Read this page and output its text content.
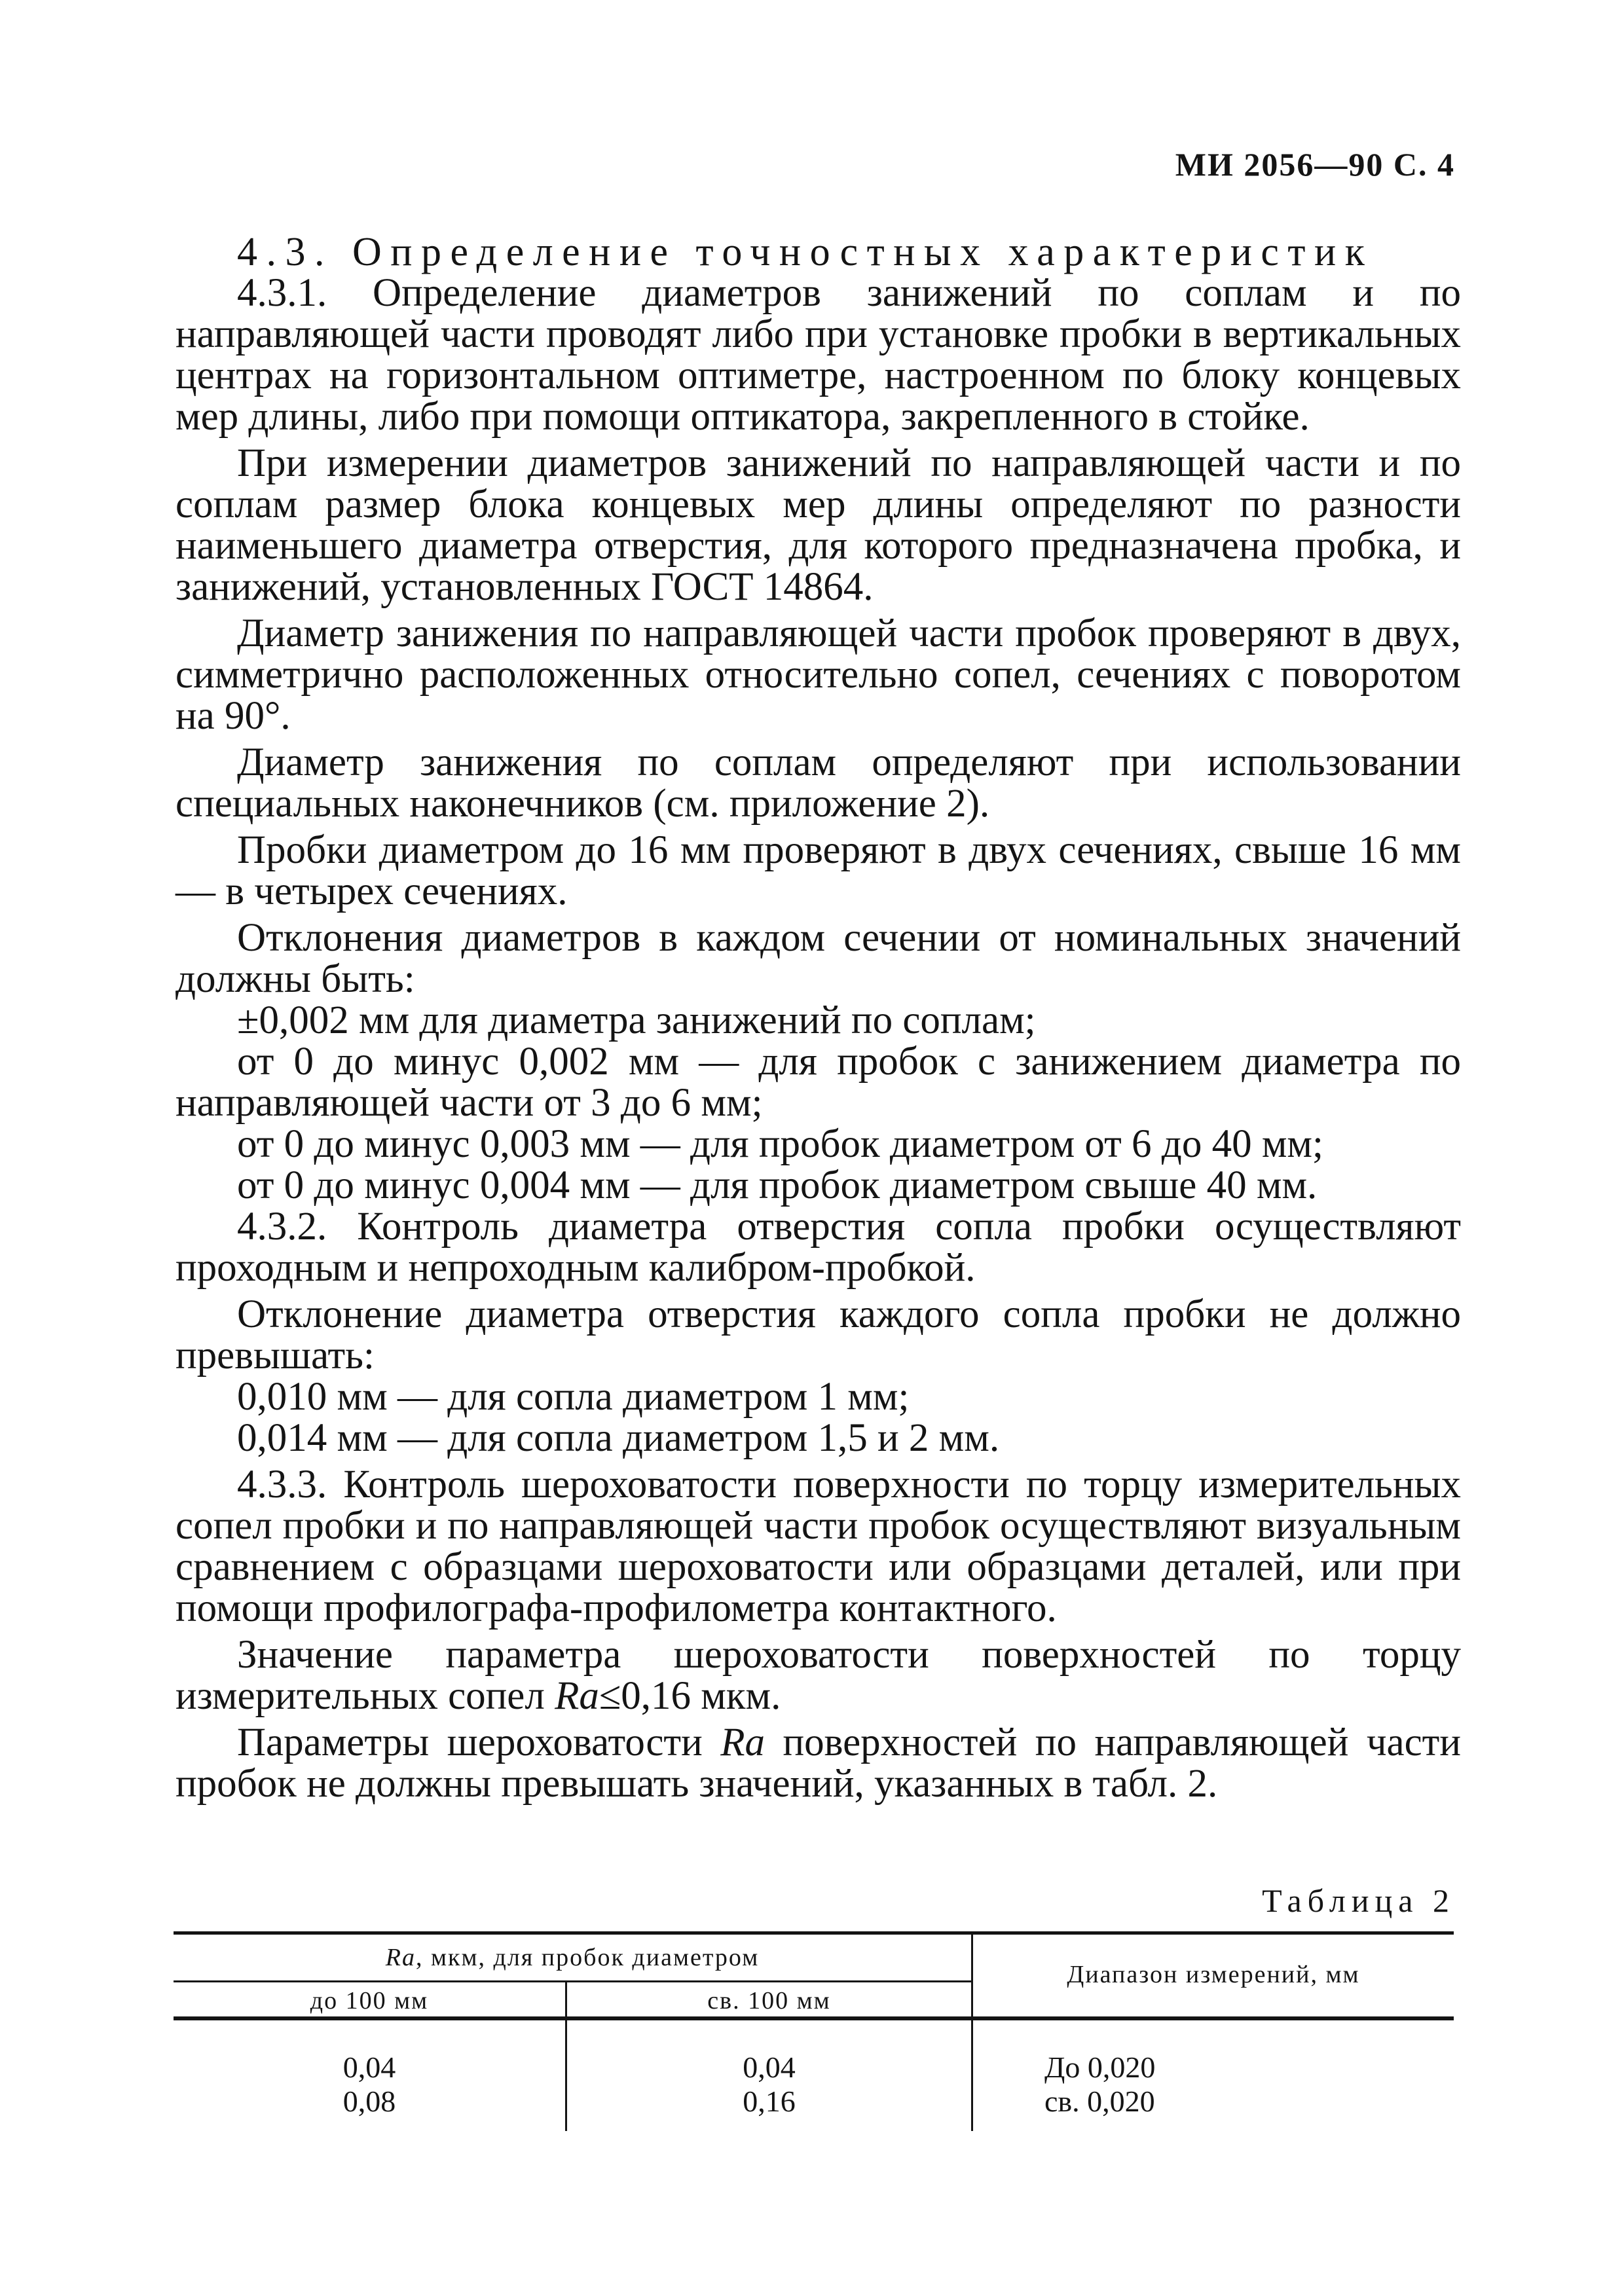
МИ 2056—90 С. 4
4.3. Определение точностных характеристик

4.3.1. Определение диаметров занижений по соплам и по направляющей части проводят либо при установке пробки в вертикальных центрах на горизонтальном оптиметре, настроенном по блоку концевых мер длины, либо при помощи оптикатора, закрепленного в стойке.

При измерении диаметров занижений по направляющей части и по соплам размер блока концевых мер длины определяют по разности наименьшего диаметра отверстия, для которого предназначена пробка, и занижений, установленных ГОСТ 14864.

Диаметр занижения по направляющей части пробок проверяют в двух, симметрично расположенных относительно сопел, сечениях с поворотом на 90°.

Диаметр занижения по соплам определяют при использовании специальных наконечников (см. приложение 2).

Пробки диаметром до 16 мм проверяют в двух сечениях, свыше 16 мм — в четырех сечениях.

Отклонения диаметров в каждом сечении от номинальных значений должны быть:

±0,002 мм для диаметра занижений по соплам;

от 0 до минус 0,002 мм — для пробок с занижением диаметра по направляющей части от 3 до 6 мм;

от 0 до минус 0,003 мм — для пробок диаметром от 6 до 40 мм;

от 0 до минус 0,004 мм — для пробок диаметром свыше 40 мм.

4.3.2. Контроль диаметра отверстия сопла пробки осуществляют проходным и непроходным калибром-пробкой.

Отклонение диаметра отверстия каждого сопла пробки не должно превышать:

0,010 мм — для сопла диаметром 1 мм;

0,014 мм — для сопла диаметром 1,5 и 2 мм.

4.3.3. Контроль шероховатости поверхности по торцу измерительных сопел пробки и по направляющей части пробок осуществляют визуальным сравнением с образцами шероховатости или образцами деталей, или при помощи профилографа-профилометра контактного.

Значение параметра шероховатости поверхностей по торцу измерительных сопел Ra≤0,16 мкм.

Параметры шероховатости Ra поверхностей по направляющей части пробок не должны превышать значений, указанных в табл. 2.

Таблица 2
Ra, мкм, для пробок диаметром
Диапазон измерений, мм
до 100 мм	св. 100 мм
0,04
0,08
0,04
0,16
До 0,020
св. 0,020
